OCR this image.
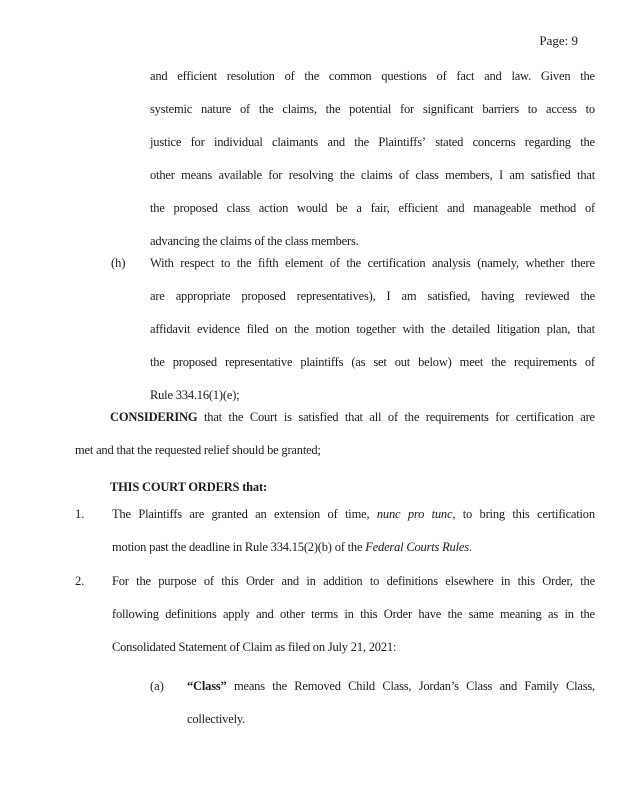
Page: 9
and efficient resolution of the common questions of fact and law. Given the
systemic nature of the claims, the potential for significant barriers to access to
justice for individual claimants and the Plaintiffs’ stated concerns regarding the
other means available for resolving the claims of class members, I am satisfied that
the proposed class action would be a fair, efficient and manageable method of
advancing the claims of the class members.
(h) With respect to the fifth element of the certification analysis (namely, whether there
are appropriate proposed representatives), I am satisfied, having reviewed the
affidavit evidence filed on the motion together with the detailed litigation plan, that
the proposed representative plaintiffs (as set out below) meet the requirements of
Rule 334.16(1)(e);
CONSIDERING that the Court is satisfied that all of the requirements for certification are
met and that the requested relief should be granted;
THIS COURT ORDERS that:
1. The Plaintiffs are granted an extension of time, nunc pro tunc, to bring this certification
motion past the deadline in Rule 334.15(2)(b) of the Federal Courts Rules.
2. For the purpose of this Order and in addition to definitions elsewhere in this Order, the
following definitions apply and other terms in this Order have the same meaning as in the
Consolidated Statement of Claim as filed on July 21, 2021:
(a) “Class” means the Removed Child Class, Jordan’s Class and Family Class,
collectively.
